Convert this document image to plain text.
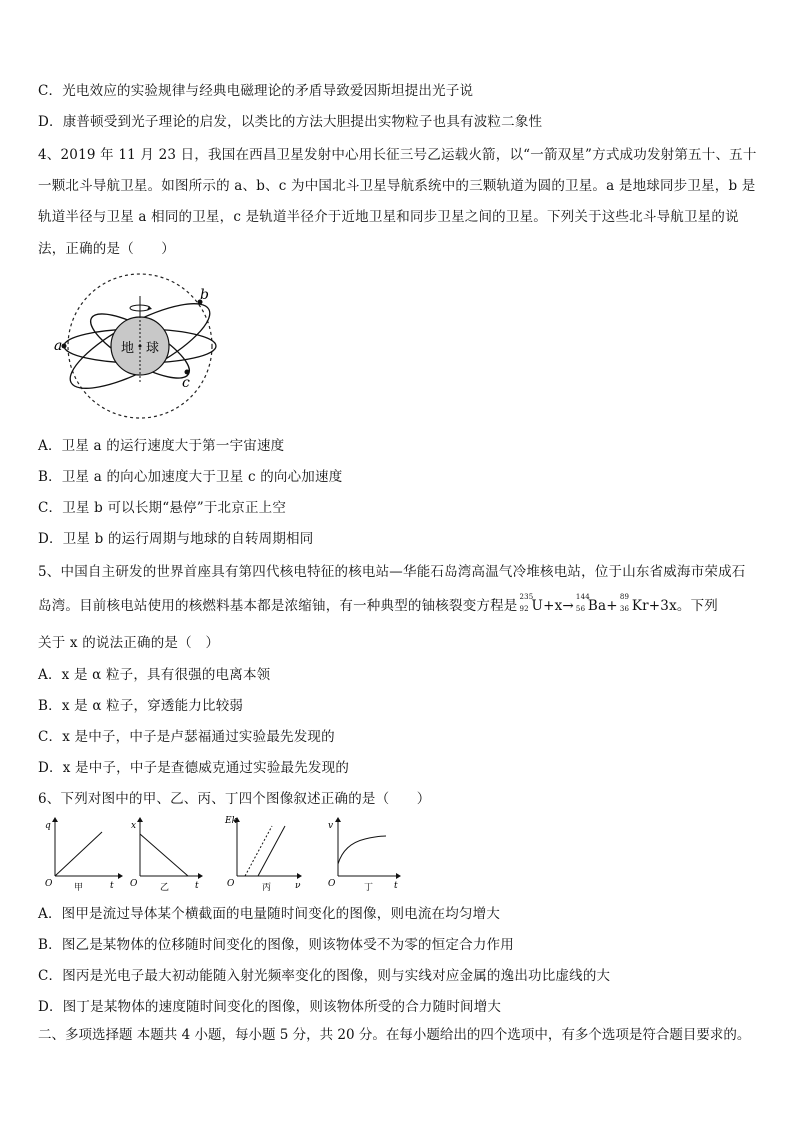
C．光电效应的实验规律与经典电磁理论的矛盾导致爱因斯坦提出光子说
D．康普顿受到光子理论的启发，以类比的方法大胆提出实物粒子也具有波粒二象性
4、2019 年 11 月 23 日，我国在西昌卫星发射中心用长征三号乙运载火箭，以“一箭双星”方式成功发射第五十、五十
一颗北斗导航卫星。如图所示的 a、b、c 为中国北斗卫星导航系统中的三颗轨道为圆的卫星。a 是地球同步卫星，b 是
轨道半径与卫星 a 相同的卫星，c 是轨道半径介于近地卫星和同步卫星之间的卫星。下列关于这些北斗导航卫星的说
法，正确的是（　　）
地 球
a
b
c
A．卫星 a 的运行速度大于第一宇宙速度
B．卫星 a 的向心加速度大于卫星 c 的向心加速度
C．卫星 b 可以长期“悬停”于北京正上空
D．卫星 b 的运行周期与地球的自转周期相同
5、中国自主研发的世界首座具有第四代核电特征的核电站—华能石岛湾高温气冷堆核电站，位于山东省威海市荣成石
岛湾。目前核电站使用的核燃料基本都是浓缩铀，有一种典型的铀核裂变方程是
235
92 U+x→
144
56 Ba+
89
36 Kr+3x。下列
关于 x 的说法正确的是（　）
A．x 是 α 粒子，具有很强的电离本领
B．x 是 α 粒子，穿透能力比较弱
C．x 是中子，中子是卢瑟福通过实验最先发现的
D．x 是中子，中子是查德威克通过实验最先发现的
6、下列对图中的甲、乙、丙、丁四个图像叙述正确的是（　　）
q
t
O 甲
x
t
O	乙
Ek
ν
O	丙
v
t
O	丁
A．图甲是流过导体某个横截面的电量随时间变化的图像，则电流在均匀增大
B．图乙是某物体的位移随时间变化的图像，则该物体受不为零的恒定合力作用
C．图丙是光电子最大初动能随入射光频率变化的图像，则与实线对应金属的逸出功比虚线的大
D．图丁是某物体的速度随时间变化的图像，则该物体所受的合力随时间增大
二、多项选择题 本题共 4 小题，每小题 5 分，共 20 分。在每小题给出的四个选项中，有多个选项是符合题目要求的。
